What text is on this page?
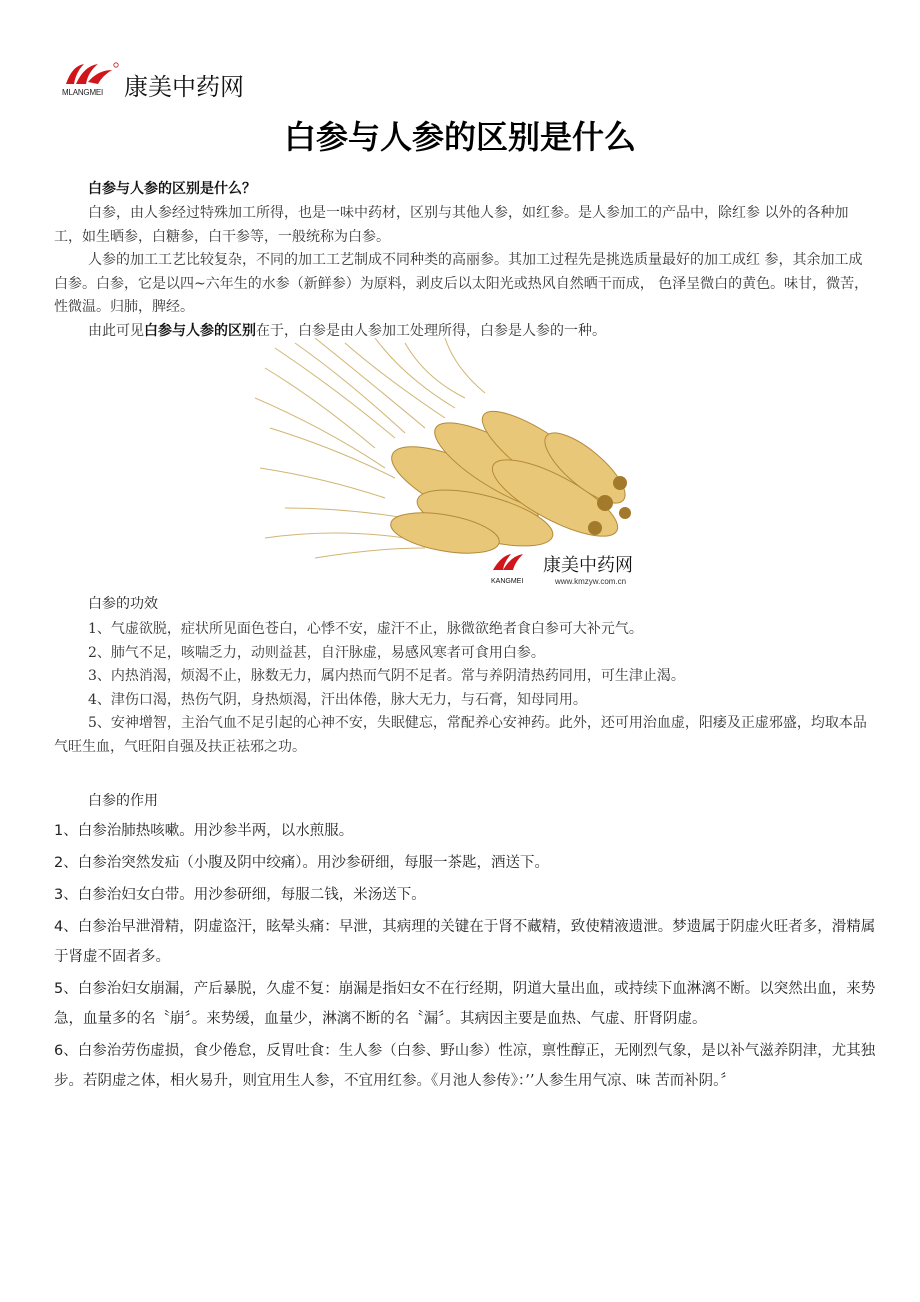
MLANGMEI 康美中药网
白参与人参的区别是什么
白参与人参的区别是什么？

白参，由人参经过特殊加工所得，也是一味中药材，区别与其他人参，如红参。是人参加工的产品中，除红参 以外的各种加工，如生晒参，白糖参，白干参等，一般统称为白参。

人参的加工工艺比较复杂，不同的加工工艺制成不同种类的高丽参。其加工过程先是挑选质量最好的加工成红 参，其余加工成白参。白参，它是以四~六年生的水参（新鲜参）为原料，剥皮后以太阳光或热风自然晒干而成， 色泽呈微白的黄色。味甘，微苦，性微温。归肺，脾经。

由此可见白参与人参的区别在于，白参是由人参加工处理所得，白参是人参的一种。

康美中药网
KANGMEI	www.kmzyw.com.cn
白参的功效

1、气虚欲脱，症状所见面色苍白，心悸不安，虚汗不止，脉微欲绝者食白参可大补元气。

2、肺气不足，咳喘乏力，动则益甚，自汗脉虚，易感风寒者可食用白参。

3、内热消渴，烦渴不止，脉数无力，属内热而气阴不足者。常与养阴清热药同用，可生津止渴。

4、津伤口渴，热伤气阴，身热烦渴，汗出体倦，脉大无力，与石膏，知母同用。

5、安神增智，主治气血不足引起的心神不安，失眠健忘，常配养心安神药。此外，还可用治血虚，阳痿及正虚邪盛，均取本品气旺生血，气旺阳自强及扶正祛邪之功。

白参的作用

1、白参治肺热咳嗽。用沙参半两，以水煎服。

2、白参治突然发疝（小腹及阴中绞痛）。用沙参研细，每服一茶匙，酒送下。

3、白参治妇女白带。用沙参研细，每服二钱，米汤送下。

4、白参治早泄滑精，阴虚盗汗，眩晕头痛：早泄，其病理的关键在于肾不藏精，致使精液遗泄。梦遗属于阴虚火旺者多，滑精属于肾虚不固者多。

5、白参治妇女崩漏，产后暴脱，久虚不复：崩漏是指妇女不在行经期，阴道大量出血，或持续下血淋漓不断。以突然出血，来势急，血量多的名〝崩〞。来势缓，血量少，淋漓不断的名〝漏〞。其病因主要是血热、气虚、肝肾阴虚。

6、白参治劳伤虚损，食少倦怠，反胃吐食：生人参（白参、野山参）性凉，禀性醇正，无刚烈气象，是以补气滋养阴津，尤其独步。若阴虚之体，相火易升，则宜用生人参，不宜用红参。《月池人参传》：’’人参生用气凉、味 苦而补阴。〞
